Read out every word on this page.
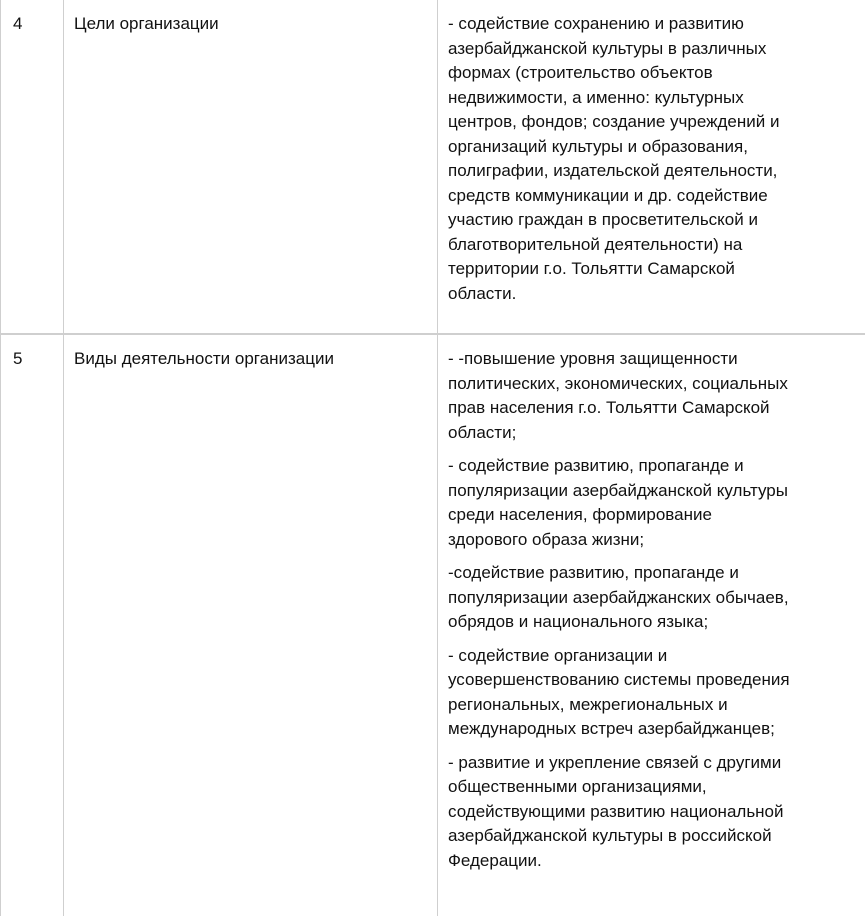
4	Цели организации	- содействие сохранению и развитию
азербайджанской культуры в различных
формах (строительство объектов
недвижимости, а именно: культурных
центров, фондов; создание учреждений и
организаций культуры и образования,
полиграфии, издательской деятельности,
средств коммуникации и др. содействие
участию граждан в просветительской и
благотворительной деятельности) на
территории г.о. Тольятти Самарской
области.

5	Виды деятельности организации	- -повышение уровня защищенности
политических, экономических, социальных
прав населения г.о. Тольятти Самарской
области;

- содействие развитию, пропаганде и
популяризации азербайджанской культуры
среди населения, формирование
здорового образа жизни;

-содействие развитию, пропаганде и
популяризации азербайджанских обычаев,
обрядов и национального языка;

- содействие организации и
усовершенствованию системы проведения
региональных, межрегиональных и
международных встреч азербайджанцев;

- развитие и укрепление связей с другими
общественными организациями,
содействующими развитию национальной
азербайджанской культуры в российской
Федерации.
